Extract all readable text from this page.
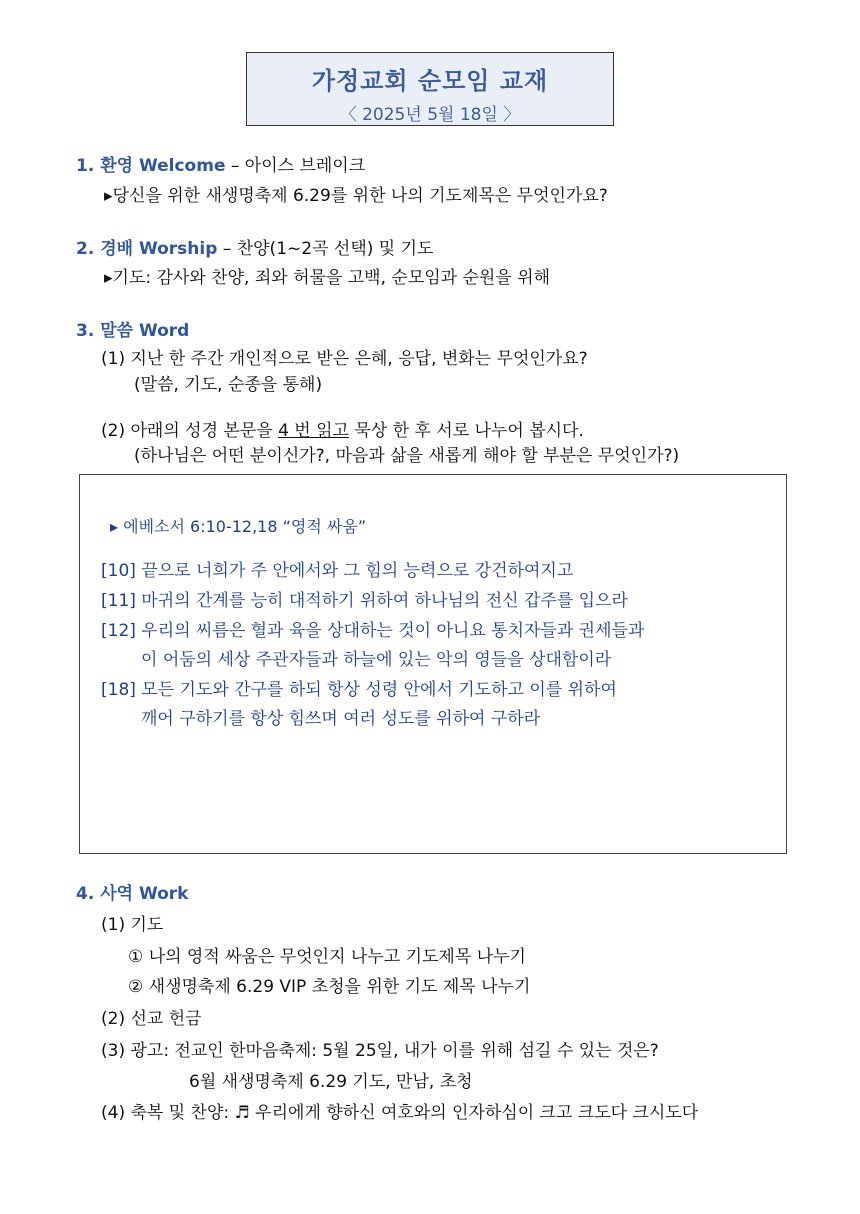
가정교회 순모임 교재
〈 2025년 5월 18일 〉
1. 환영 Welcome – 아이스 브레이크
▸당신을 위한 새생명축제 6.29를 위한 나의 기도제목은 무엇인가요?
2. 경배 Worship – 찬양(1~2곡 선택) 및 기도
▸기도: 감사와 찬양, 죄와 허물을 고백, 순모임과 순원을 위해
3. 말씀 Word
(1) 지난 한 주간 개인적으로 받은 은혜, 응답, 변화는 무엇인가요?
(말씀, 기도, 순종을 통해)
(2) 아래의 성경 본문을 4 번 읽고 묵상 한 후 서로 나누어 봅시다.
(하나님은 어떤 분이신가?, 마음과 삶을 새롭게 해야 할 부분은 무엇인가?)
▸ 에베소서 6:10-12,18 “영적 싸움”
[10] 끝으로 너희가 주 안에서와 그 힘의 능력으로 강건하여지고
[11] 마귀의 간계를 능히 대적하기 위하여 하나님의 전신 갑주를 입으라
[12] 우리의 씨름은 혈과 육을 상대하는 것이 아니요 통치자들과 권세들과
이 어둠의 세상 주관자들과 하늘에 있는 악의 영들을 상대함이라
[18] 모든 기도와 간구를 하되 항상 성령 안에서 기도하고 이를 위하여
깨어 구하기를 항상 힘쓰며 여러 성도를 위하여 구하라
4. 사역 Work
(1) 기도
① 나의 영적 싸움은 무엇인지 나누고 기도제목 나누기
② 새생명축제 6.29 VIP 초청을 위한 기도 제목 나누기
(2) 선교 헌금
(3) 광고: 전교인 한마음축제: 5월 25일, 내가 이를 위해 섬길 수 있는 것은?
6월 새생명축제 6.29 기도, 만남, 초청
(4) 축복 및 찬양: ♬ 우리에게 향하신 여호와의 인자하심이 크고 크도다 크시도다
